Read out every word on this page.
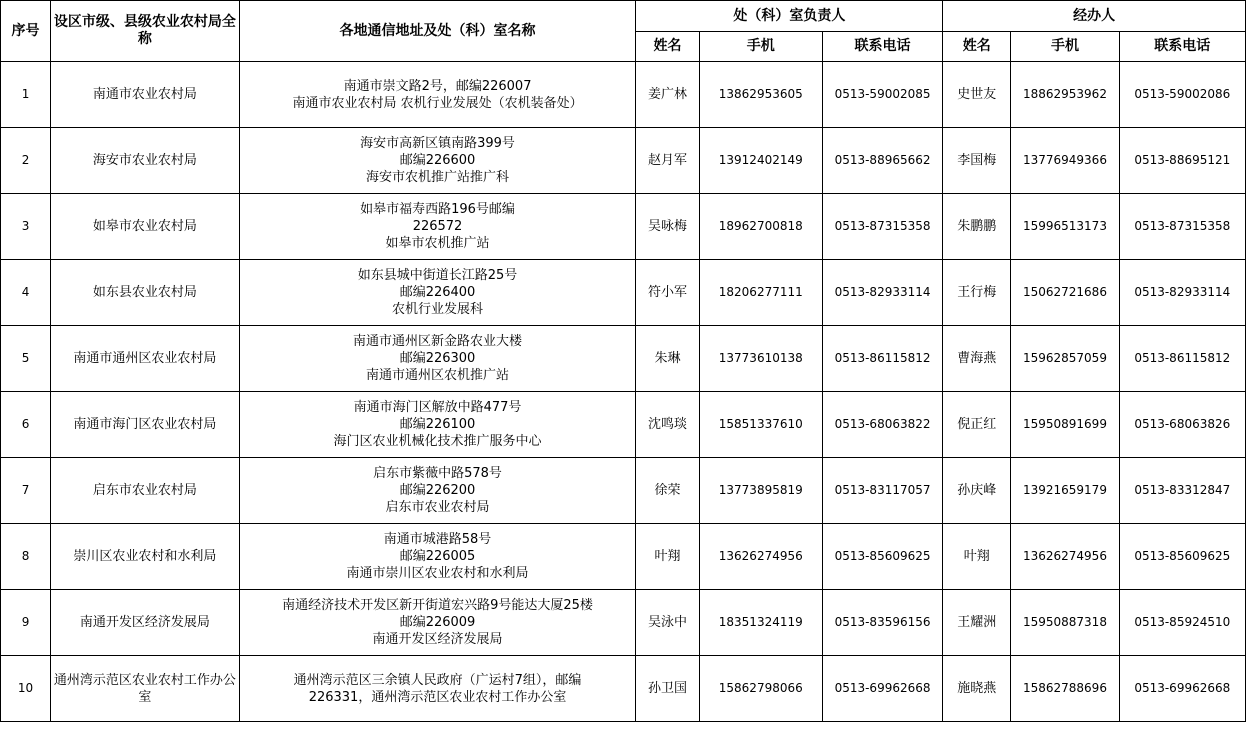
序号	设区市级、县级农业农村局全称	各地通信地址及处（科）室名称	处（科）室负责人			经办人		
			姓名	手机	联系电话	姓名	手机	联系电话
1	南通市农业农村局	南通市崇文路2号，邮编226007
南通市农业农村局 农机行业发展处（农机装备处）	姜广林	13862953605	0513-59002085	史世友	18862953962	0513-59002086
2	海安市农业农村局	海安市高新区镇南路399号
邮编226600
海安市农机推广站推广科	赵月军	13912402149	0513-88965662	李国梅	13776949366	0513-88695121
3	如皋市农业农村局	如皋市福寿西路196号邮编
226572
如皋市农机推广站	吴咏梅	18962700818	0513-87315358	朱鹏鹏	15996513173	0513-87315358
4	如东县农业农村局	如东县城中街道长江路25号
邮编226400
农机行业发展科	符小军	18206277111	0513-82933114	王行梅	15062721686	0513-82933114
5	南通市通州区农业农村局	南通市通州区新金路农业大楼
邮编226300
南通市通州区农机推广站	朱琳	13773610138	0513-86115812	曹海燕	15962857059	0513-86115812
6	南通市海门区农业农村局	南通市海门区解放中路477号
邮编226100
海门区农业机械化技术推广服务中心	沈鸣琰	15851337610	0513-68063822	倪正红	15950891699	0513-68063826
7	启东市农业农村局	启东市紫薇中路578号
邮编226200
启东市农业农村局	徐荣	13773895819	0513-83117057	孙庆峰	13921659179	0513-83312847
8	崇川区农业农村和水利局	南通市城港路58号
邮编226005
南通市崇川区农业农村和水利局	叶翔	13626274956	0513-85609625	叶翔	13626274956	0513-85609625
9	南通开发区经济发展局	南通经济技术开发区新开街道宏兴路9号能达大厦25楼
邮编226009
南通开发区经济发展局	吴泳中	18351324119	0513-83596156	王耀洲	15950887318	0513-85924510
10	通州湾示范区农业农村工作办公室	通州湾示范区三余镇人民政府（广运村7组），邮编
226331，通州湾示范区农业农村工作办公室	孙卫国	15862798066	0513-69962668	施晓燕	15862788696	0513-69962668
